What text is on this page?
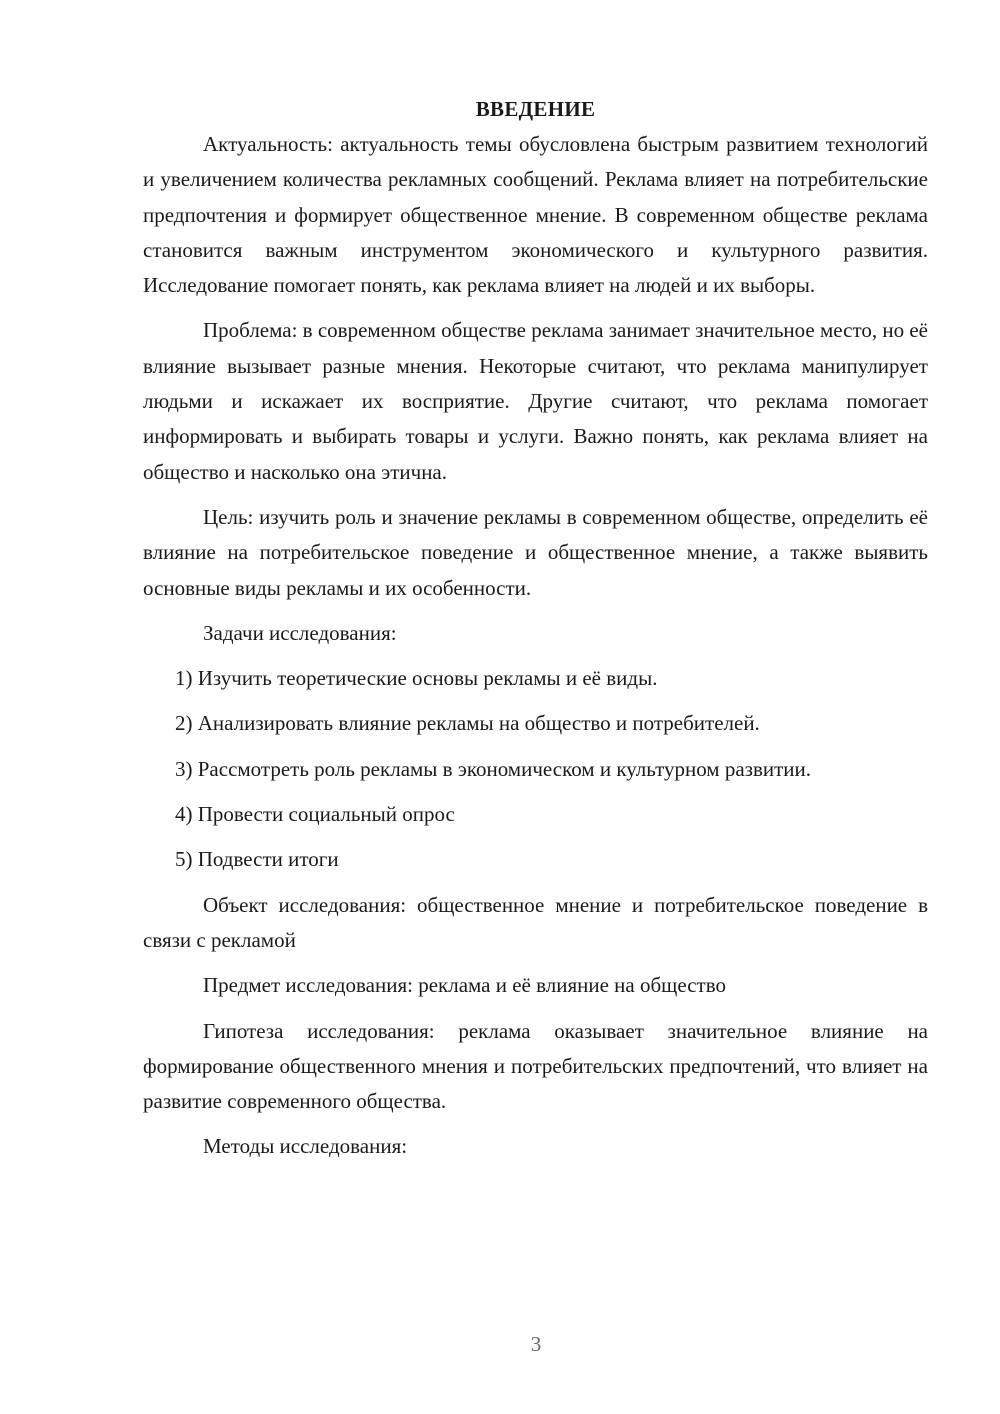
ВВЕДЕНИЕ

Актуальность: актуальность темы обусловлена быстрым развитием технологий и увеличением количества рекламных сообщений. Реклама влияет на потребительские предпочтения и формирует общественное мнение. В современном обществе реклама становится важным инструментом экономического и культурного развития. Исследование помогает понять, как реклама влияет на людей и их выборы.

Проблема: в современном обществе реклама занимает значительное место, но её влияние вызывает разные мнения. Некоторые считают, что реклама манипулирует людьми и искажает их восприятие. Другие считают, что реклама помогает информировать и выбирать товары и услуги. Важно понять, как реклама влияет на общество и насколько она этична.

Цель: изучить роль и значение рекламы в современном обществе, определить её влияние на потребительское поведение и общественное мнение, а также выявить основные виды рекламы и их особенности.

Задачи исследования:

1) Изучить теоретические основы рекламы и её виды.

2) Анализировать влияние рекламы на общество и потребителей.

3) Рассмотреть роль рекламы в экономическом и культурном развитии.

4) Провести социальный опрос

5) Подвести итоги

Объект исследования: общественное мнение и потребительское поведение в связи с рекламой

Предмет исследования: реклама и её влияние на общество

Гипотеза исследования: реклама оказывает значительное влияние на формирование общественного мнения и потребительских предпочтений, что влияет на развитие современного общества.

Методы исследования:

3
